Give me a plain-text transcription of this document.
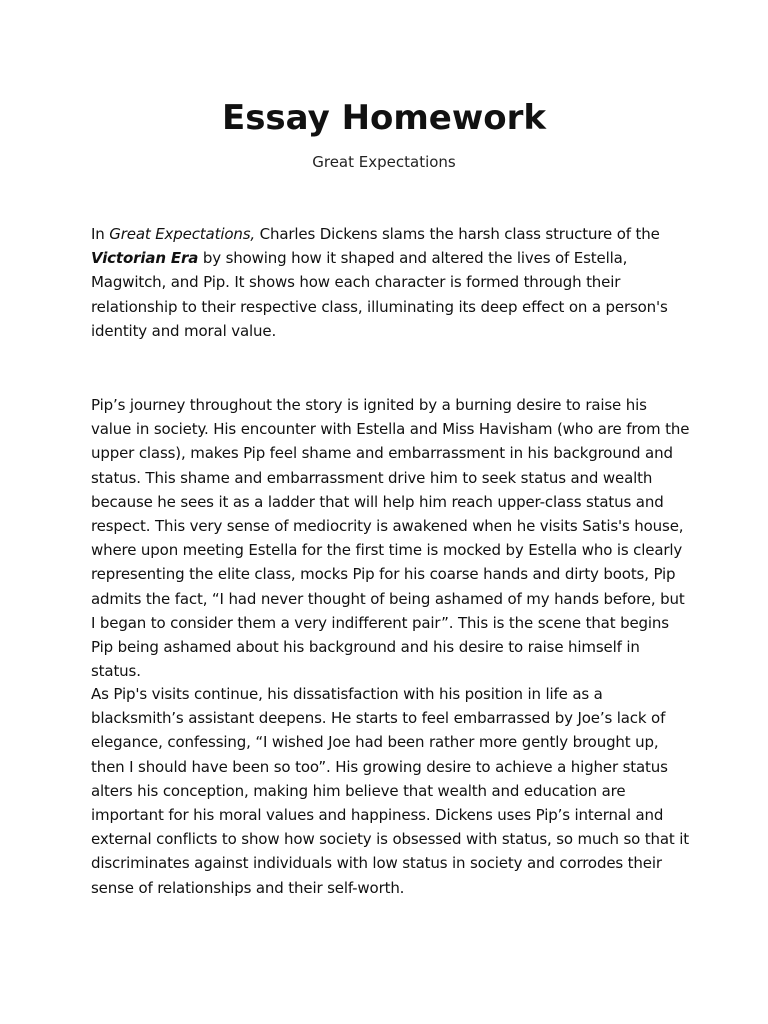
Essay Homework

Great Expectations

In Great Expectations, Charles Dickens slams the harsh class structure of the Victorian Era by showing how it shaped and altered the lives of Estella, Magwitch, and Pip. It shows how each character is formed through their relationship to their respective class, illuminating its deep effect on a person's identity and moral value.

Pip’s journey throughout the story is ignited by a burning desire to raise his value in society. His encounter with Estella and Miss Havisham (who are from the upper class), makes Pip feel shame and embarrassment in his background and status. This shame and embarrassment drive him to seek status and wealth because he sees it as a ladder that will help him reach upper-class status and respect. This very sense of mediocrity is awakened when he visits Satis's house, where upon meeting Estella for the first time is mocked by Estella who is clearly representing the elite class, mocks Pip for his coarse hands and dirty boots, Pip admits the fact, “I had never thought of being ashamed of my hands before, but I began to consider them a very indifferent pair”. This is the scene that begins Pip being ashamed about his background and his desire to raise himself in status.

As Pip's visits continue, his dissatisfaction with his position in life as a blacksmith’s assistant deepens. He starts to feel embarrassed by Joe’s lack of elegance, confessing, “I wished Joe had been rather more gently brought up, then I should have been so too”. His growing desire to achieve a higher status alters his conception, making him believe that wealth and education are important for his moral values and happiness. Dickens uses Pip’s internal and external conflicts to show how society is obsessed with status, so much so that it discriminates against individuals with low status in society and corrodes their sense of relationships and their self-worth.
